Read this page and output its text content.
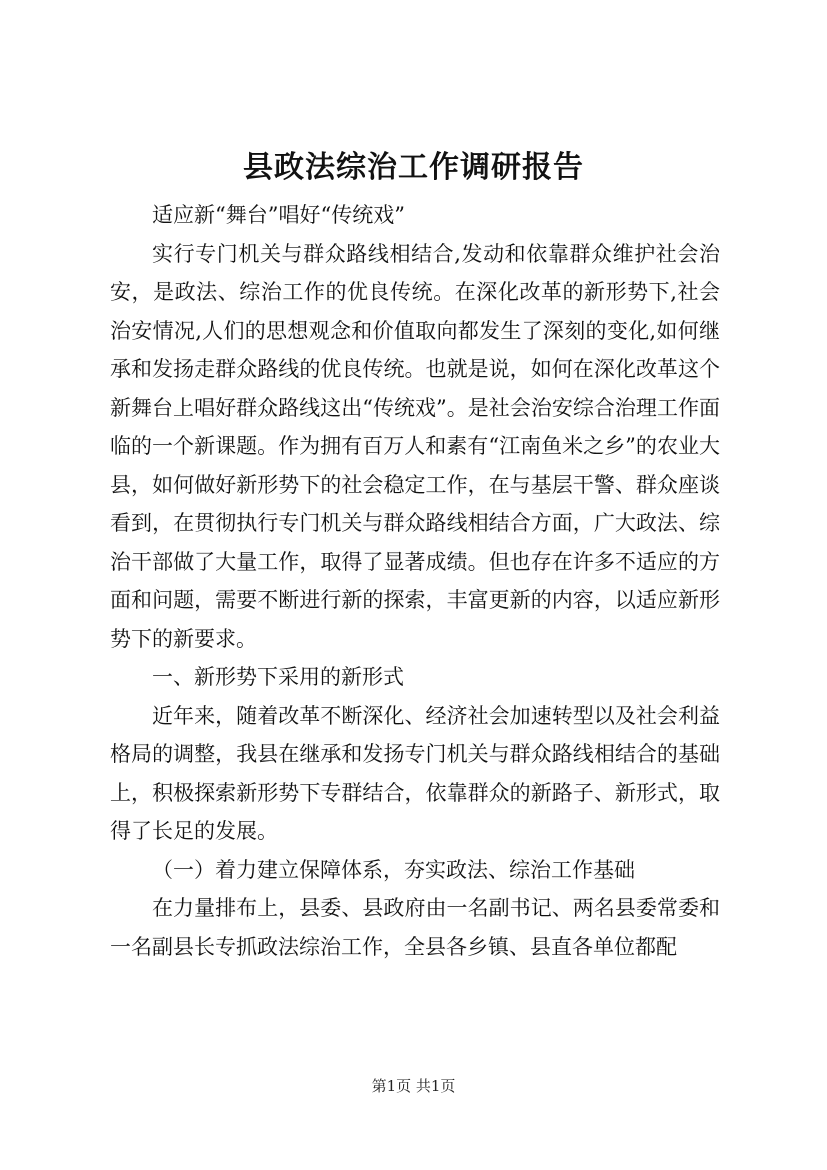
县政法综治工作调研报告

适应新“舞台”唱好“传统戏”

实行专门机关与群众路线相结合,发动和依靠群众维护社会治安，是政法、综治工作的优良传统。在深化改革的新形势下,社会治安情况,人们的思想观念和价值取向都发生了深刻的变化,如何继承和发扬走群众路线的优良传统。也就是说，如何在深化改革这个新舞台上唱好群众路线这出“传统戏”。是社会治安综合治理工作面临的一个新课题。作为拥有百万人和素有“江南鱼米之乡”的农业大县，如何做好新形势下的社会稳定工作，在与基层干警、群众座谈看到，在贯彻执行专门机关与群众路线相结合方面，广大政法、综治干部做了大量工作，取得了显著成绩。但也存在许多不适应的方面和问题，需要不断进行新的探索，丰富更新的内容，以适应新形势下的新要求。

一、新形势下采用的新形式

近年来，随着改革不断深化、经济社会加速转型以及社会利益格局的调整，我县在继承和发扬专门机关与群众路线相结合的基础上，积极探索新形势下专群结合，依靠群众的新路子、新形式，取得了长足的发展。

（一）着力建立保障体系，夯实政法、综治工作基础

在力量排布上，县委、县政府由一名副书记、两名县委常委和一名副县长专抓政法综治工作，全县各乡镇、县直各单位都配

第1页 共1页
